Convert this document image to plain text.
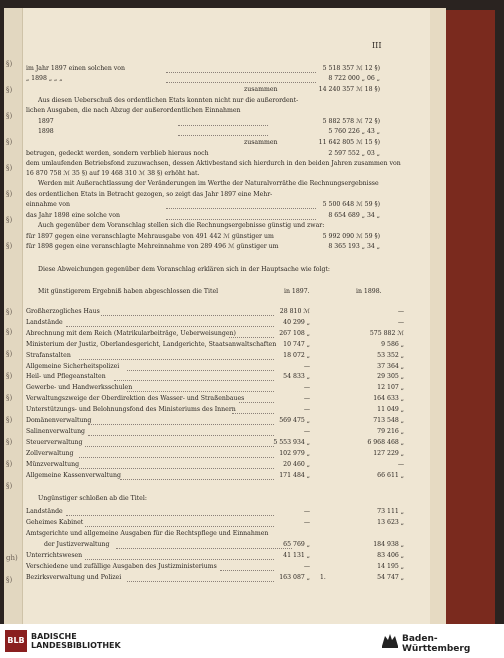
III
§)
§)
§)
§)
§)
§)
§)
§)
§)
§)
§)
§)
§)
§)
§)
§)
§)
gh)
§)
im Jahr 1897 einen solchen von	5 518 357 ℳ 12 §)
„ 1898 „ „ „	8 722 000 „ 06 „
zusammen	14 240 357 ℳ 18 §)
Aus diesen Ueberschuß des ordentlichen Etats konnten nicht nur die außerordent-
lichen Ausgaben, die nach Abzug der außerordentlichen Einnahmen
1897	5 882 578 ℳ 72 §)
1898	5 760 226 „ 43 „
zusammen	11 642 805 ℳ 15 §)
betrugen, gedeckt werden, sondern verblieb hieraus noch	2 597 552 „ 03 „
dem umlaufenden Betriebsfond zuzuwachsen, dessen Aktivbestand sich hierdurch in den beiden Jahren zusammen von
16 870 758 ℳ 35 §) auf 19 468 310 ℳ 38 §) erhöht hat.
Werden mit Außerachtlassung der Veränderungen im Werthe der Naturalvorräthe die Rechnungsergebnisse
des ordentlichen Etats in Betracht gezogen, so zeigt das Jahr 1897 eine Mehr-
einnahme von	5 500 648 ℳ 59 §)
das Jahr 1898 eine solche von	8 654 689 „ 34 „
Auch gegenüber dem Voranschlag stellen sich die Rechnungsergebnisse günstig und zwar:
für 1897 gegen eine veranschlagte Mehrausgabe von 491 442 ℳ günstiger um	5 992 090 ℳ 59 §)
für 1898 gegen eine veranschlagte Mehreinnahme von 289 496 ℳ günstiger um	8 365 193 „ 34 „
Diese Abweichungen gegenüber dem Voranschlag erklären sich in der Hauptsache wie folgt:
Mit günstigerem Ergebniß haben abgeschlossen die Titel	in 1897.	in 1898.
Großherzogliches Haus	28 810 ℳ	—
Landstände	40 299 „	—
Abrechnung mit dem Reich (Matrikularbeiträge, Ueberweisungen)	267 108 „	575 882 ℳ
Ministerium der Justiz, Oberlandesgericht, Landgerichte, Staatsanwaltschaften	10 747 „	9 586 „
Strafanstalten	18 072 „	53 352 „
Allgemeine Sicherheitspolizei	—	37 364 „
Heil- und Pflegeanstalten	54 833 „	29 305 „
Gewerbe- und Handwerksschulen	—	12 107 „
Verwaltungszweige der Oberdirektion des Wasser- und Straßenbaues	—	164 633 „
Unterstützungs- und Belohnungsfond des Ministeriums des Innern	—	11 049 „
Domänenverwaltung	569 475 „	713 548 „
Salinenverwaltung	—	79 216 „
Steuerverwaltung	5 553 934 „	6 968 468 „
Zollverwaltung	102 979 „	127 229 „
Münzverwaltung	20 460 „	—
Allgemeine Kassenverwaltung	171 484 „	66 611 „
Ungünstiger schloßen ab die Titel:
Landstände	—	73 111 „
Geheimes Kabinet	—	13 623 „
Amtsgerichte und allgemeine Ausgaben für die Rechtspflege und Einnahmen
der Justizverwaltung	65 769 „	184 938 „
Unterrichtswesen	41 131 „	83 406 „
Verschiedene und zufällige Ausgaben des Justizministeriums	—	14 195 „
Bezirksverwaltung und Polizei	163 087 „	54 747 „
1.
BLB BADISCHE
LANDESBIBLIOTHEK
Baden-Württemberg
